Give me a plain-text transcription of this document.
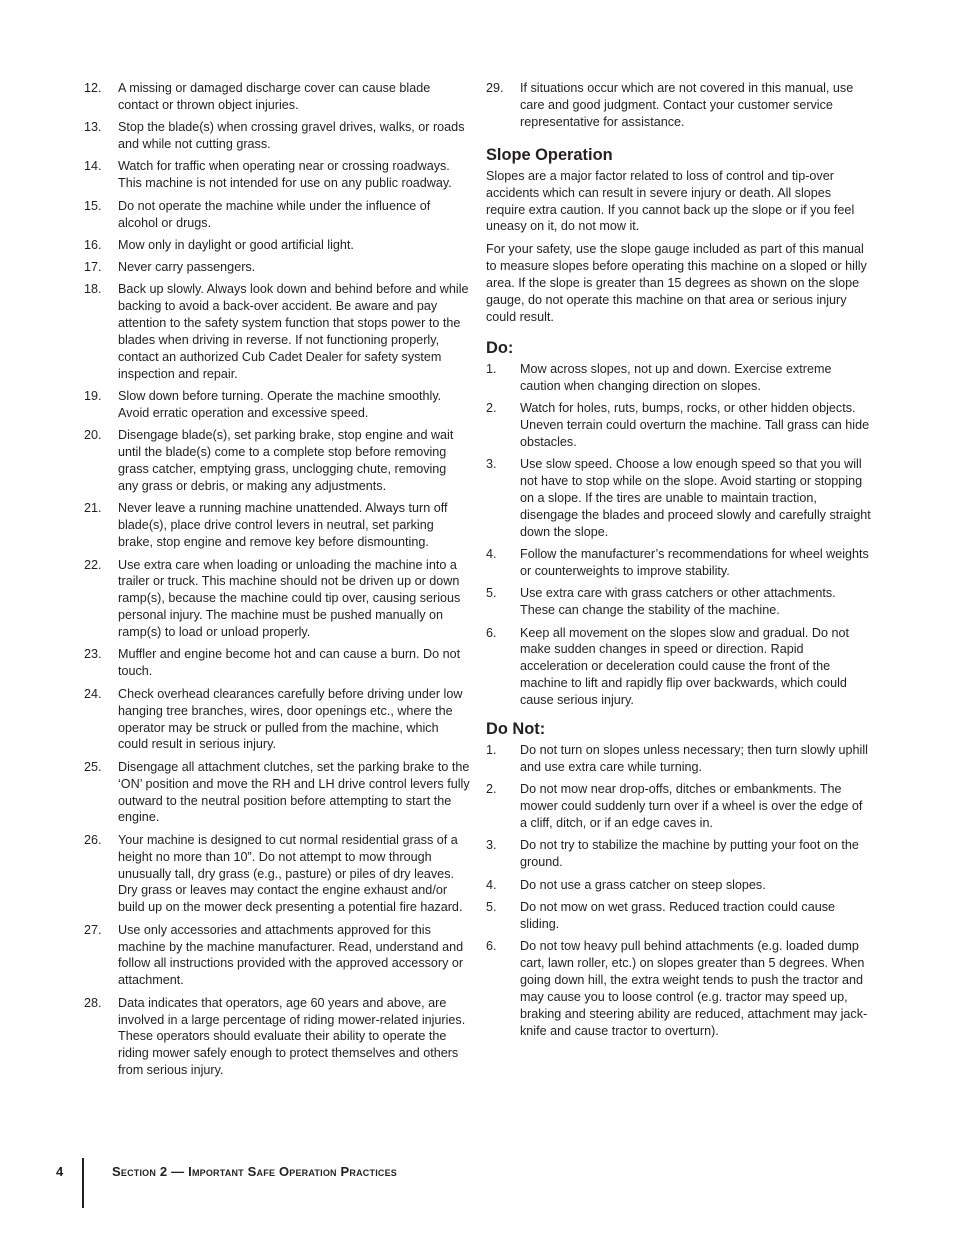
12.	A missing or damaged discharge cover can cause blade contact or thrown object injuries.
13.	Stop the blade(s) when crossing gravel drives, walks, or roads and while not cutting grass.
14.	Watch for traffic when operating near or crossing roadways. This machine is not intended for use on any public roadway.
15.	Do not operate the machine while under the influence of alcohol or drugs.
16.	Mow only in daylight or good artificial light.
17.	Never carry passengers.
18.	Back up slowly. Always look down and behind before and while backing to avoid a back-over accident. Be aware and pay attention to the safety system function that stops power to the blades when driving in reverse. If not functioning properly, contact an authorized Cub Cadet Dealer for safety system inspection and repair.
19.	Slow down before turning. Operate the machine smoothly. Avoid erratic operation and excessive speed.
20.	Disengage blade(s), set parking brake, stop engine and wait until the blade(s) come to a complete stop before removing grass catcher, emptying grass, unclogging chute, removing any grass or debris, or making any adjustments.
21.	Never leave a running machine unattended. Always turn off blade(s), place drive control levers in neutral, set parking brake, stop engine and remove key before dismounting.
22.	Use extra care when loading or unloading the machine into a trailer or truck. This machine should not be driven up or down ramp(s), because the machine could tip over, causing serious personal injury. The machine must be pushed manually on ramp(s) to load or unload properly.
23.	Muffler and engine become hot and can cause a burn. Do not touch.
24.	Check overhead clearances carefully before driving under low hanging tree branches, wires, door openings etc., where the operator may be struck or pulled from the machine, which could result in serious injury.
25.	Disengage all attachment clutches, set the parking brake to the ‘ON’ position and move the RH and LH drive control levers fully outward to the neutral position before attempting to start the engine.
26.	Your machine is designed to cut normal residential grass of a height no more than 10”. Do not attempt to mow through unusually tall, dry grass (e.g., pasture) or piles of dry leaves. Dry grass or leaves may contact the engine exhaust and/or build up on the mower deck presenting a potential fire hazard.
27.	Use only accessories and attachments approved for this machine by the machine manufacturer. Read, understand and follow all instructions provided with the approved accessory or attachment.
28.	Data indicates that operators, age 60 years and above, are involved in a large percentage of riding mower-related injuries. These operators should evaluate their ability to operate the riding mower safely enough to protect themselves and others from serious injury.
29.	If situations occur which are not covered in this manual, use care and good judgment. Contact your customer service representative for assistance.
Slope Operation

Slopes are a major factor related to loss of control and tip-over accidents which can result in severe injury or death. All slopes require extra caution. If you cannot back up the slope or if you feel uneasy on it, do not mow it.

For your safety, use the slope gauge included as part of this manual to measure slopes before operating this machine on a sloped or hilly area. If the slope is greater than 15 degrees as shown on the slope gauge, do not operate this machine on that area or serious injury could result.

Do:
1.	Mow across slopes, not up and down. Exercise extreme caution when changing direction on slopes.
2.	Watch for holes, ruts, bumps, rocks, or other hidden objects. Uneven terrain could overturn the machine. Tall grass can hide obstacles.
3.	Use slow speed. Choose a low enough speed so that you will not have to stop while on the slope. Avoid starting or stopping on a slope. If the tires are unable to maintain traction, disengage the blades and proceed slowly and carefully straight down the slope.
4.	Follow the manufacturer’s recommendations for wheel weights or counterweights to improve stability.
5.	Use extra care with grass catchers or other attachments. These can change the stability of the machine.
6.	Keep all movement on the slopes slow and gradual. Do not make sudden changes in speed or direction. Rapid acceleration or deceleration could cause the front of the machine to lift and rapidly flip over backwards, which could cause serious injury.
Do Not:
1.	Do not turn on slopes unless necessary; then turn slowly uphill and use extra care while turning.
2.	Do not mow near drop-offs, ditches or embankments. The mower could suddenly turn over if a wheel is over the edge of a cliff, ditch, or if an edge caves in.
3.	Do not try to stabilize the machine by putting your foot on the ground.
4.	Do not use a grass catcher on steep slopes.
5.	Do not mow on wet grass. Reduced traction could cause sliding.
6.	Do not tow heavy pull behind attachments (e.g. loaded dump cart, lawn roller, etc.) on slopes greater than 5 degrees. When going down hill, the extra weight tends to push the tractor and may cause you to loose control (e.g. tractor may speed up, braking and steering ability are reduced, attachment may jack-knife and cause tractor to overturn).
4	Section 2 — Important Safe Operation Practices
